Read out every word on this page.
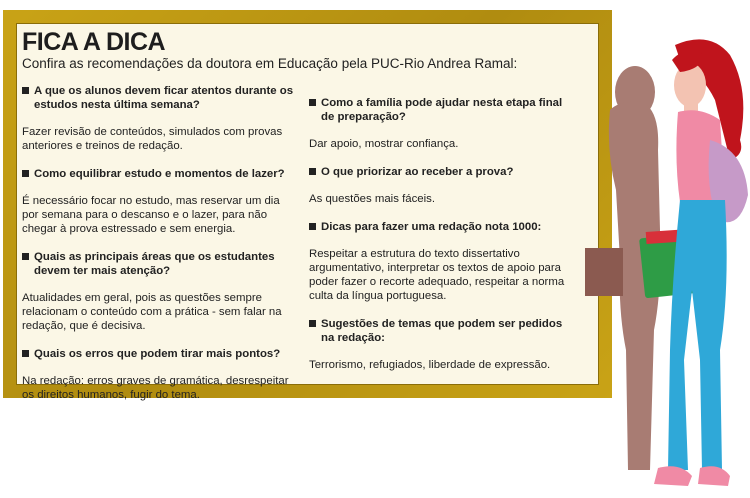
FICA A DICA

Confira as recomendações da doutora em Educação pela PUC-Rio Andrea Ramal:

A que os alunos devem ficar atentos durante os estudos nesta última semana?

Fazer revisão de conteúdos, simulados com provas anteriores e treinos de redação.

Como equilibrar estudo e momentos de lazer?

É necessário focar no estudo, mas reservar um dia por semana para o descanso e o lazer, para não chegar à prova estressado e sem energia.

Quais as principais áreas que os estudantes devem ter mais atenção?

Atualidades em geral, pois as questões sempre relacionam o conteúdo com a prática - sem falar na redação, que é decisiva.

Quais os erros que podem tirar mais pontos?

Na redação: erros graves de gramática, desrespeitar os direitos humanos, fugir do tema.

Como a família pode ajudar nesta etapa final de preparação?

Dar apoio, mostrar confiança.

O que priorizar ao receber a prova?

As questões mais fáceis.

Dicas para fazer uma redação nota 1000:

Respeitar a estrutura do texto dissertativo argumentativo, interpretar os textos de apoio para poder fazer o recorte adequado, respeitar a norma culta da língua portuguesa.

Sugestões de temas que podem ser pedidos na redação:

Terrorismo, refugiados, liberdade de expressão.
